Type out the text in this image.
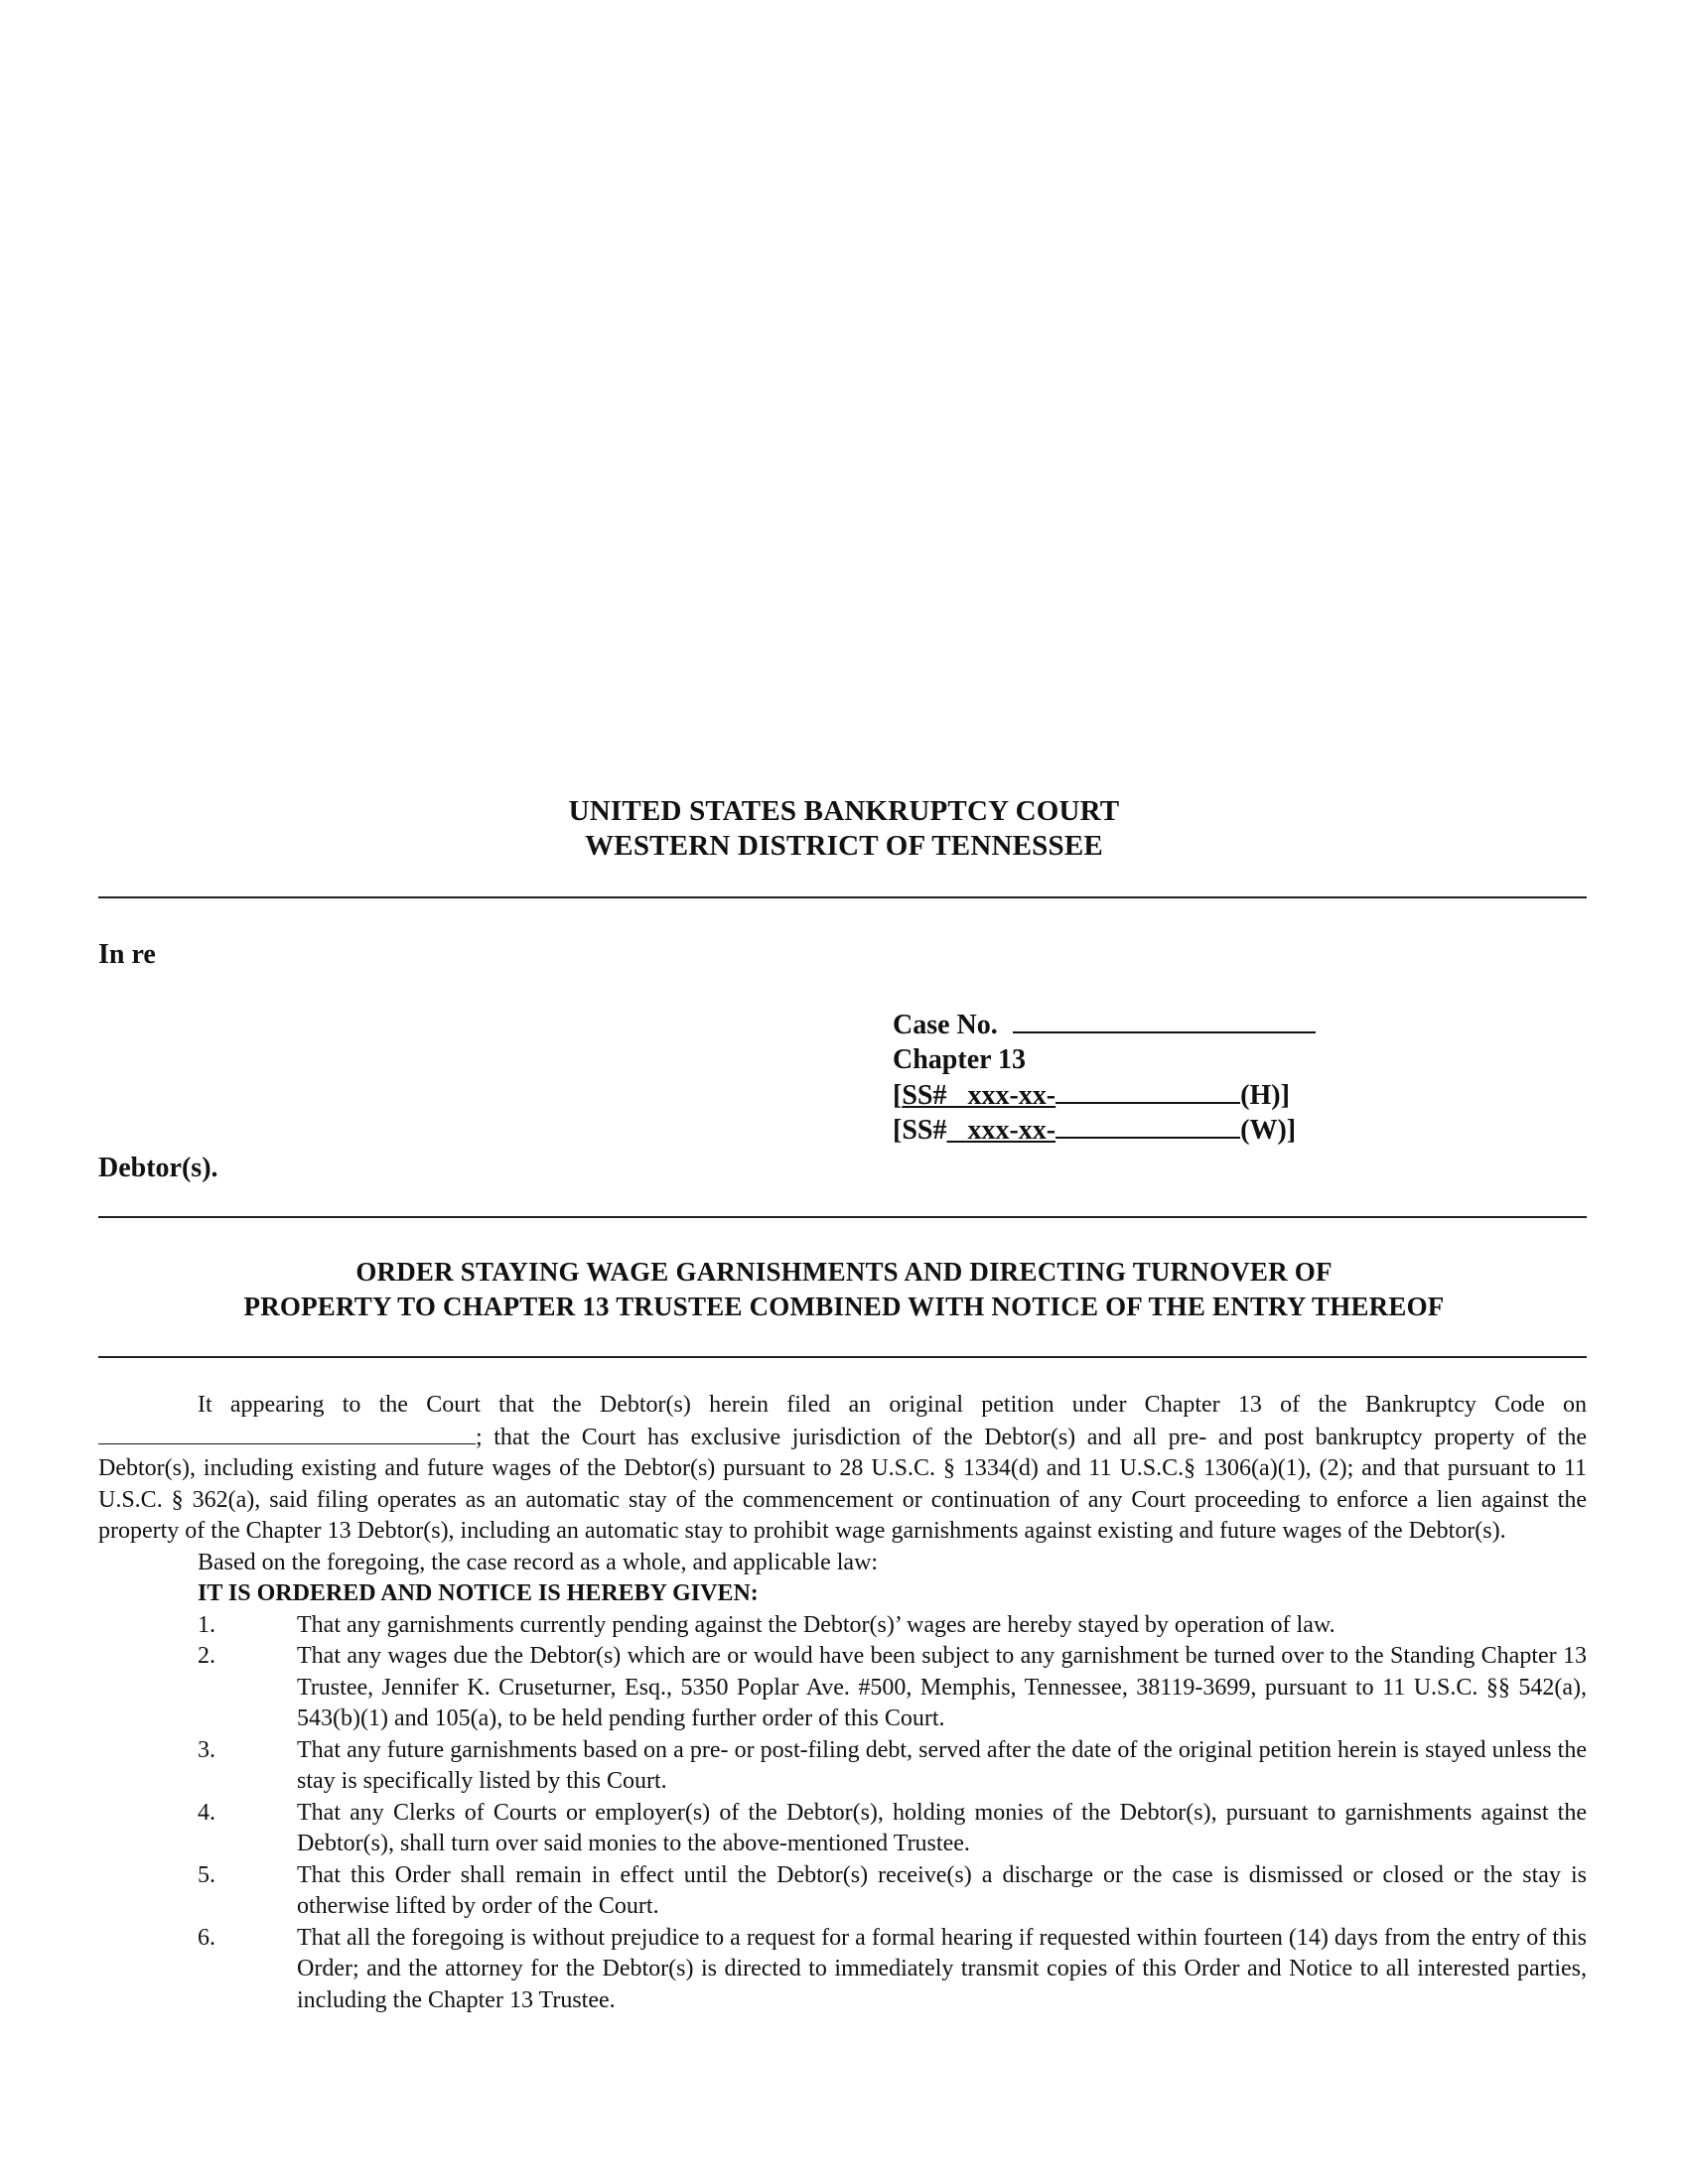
UNITED STATES BANKRUPTCY COURT
WESTERN DISTRICT OF TENNESSEE
In re
Case No.
Chapter 13
[SS# xxx-xx-	(H)]
[SS# xxx-xx-	(W)]
Debtor(s).
ORDER STAYING WAGE GARNISHMENTS AND DIRECTING TURNOVER OF
PROPERTY TO CHAPTER 13 TRUSTEE COMBINED WITH NOTICE OF THE ENTRY THEREOF

It appearing to the Court that the Debtor(s) herein filed an original petition under Chapter 13 of the Bankruptcy Code on ; that the Court has exclusive jurisdiction of the Debtor(s) and all pre- and post bankruptcy property of the Debtor(s), including existing and future wages of the Debtor(s) pursuant to 28 U.S.C. § 1334(d) and 11 U.S.C.§ 1306(a)(1), (2); and that pursuant to 11 U.S.C. § 362(a), said filing operates as an automatic stay of the commencement or continuation of any Court proceeding to enforce a lien against the property of the Chapter 13 Debtor(s), including an automatic stay to prohibit wage garnishments against existing and future wages of the Debtor(s).

Based on the foregoing, the case record as a whole, and applicable law:

IT IS ORDERED AND NOTICE IS HEREBY GIVEN:

1.	That any garnishments currently pending against the Debtor(s)’ wages are hereby stayed by operation of law.
2.	That any wages due the Debtor(s) which are or would have been subject to any garnishment be turned over to the Standing Chapter 13 Trustee, Jennifer K. Cruseturner, Esq., 5350 Poplar Ave. #500, Memphis, Tennessee, 38119-3699, pursuant to 11 U.S.C. §§ 542(a), 543(b)(1) and 105(a), to be held pending further order of this Court.
3.	That any future garnishments based on a pre- or post-filing debt, served after the date of the original petition herein is stayed unless the stay is specifically listed by this Court.
4.	That any Clerks of Courts or employer(s) of the Debtor(s), holding monies of the Debtor(s), pursuant to garnishments against the Debtor(s), shall turn over said monies to the above-mentioned Trustee.
5.	That this Order shall remain in effect until the Debtor(s) receive(s) a discharge or the case is dismissed or closed or the stay is otherwise lifted by order of the Court.
6.	That all the foregoing is without prejudice to a request for a formal hearing if requested within fourteen (14) days from the entry of this Order; and the attorney for the Debtor(s) is directed to immediately transmit copies of this Order and Notice to all interested parties, including the Chapter 13 Trustee.
